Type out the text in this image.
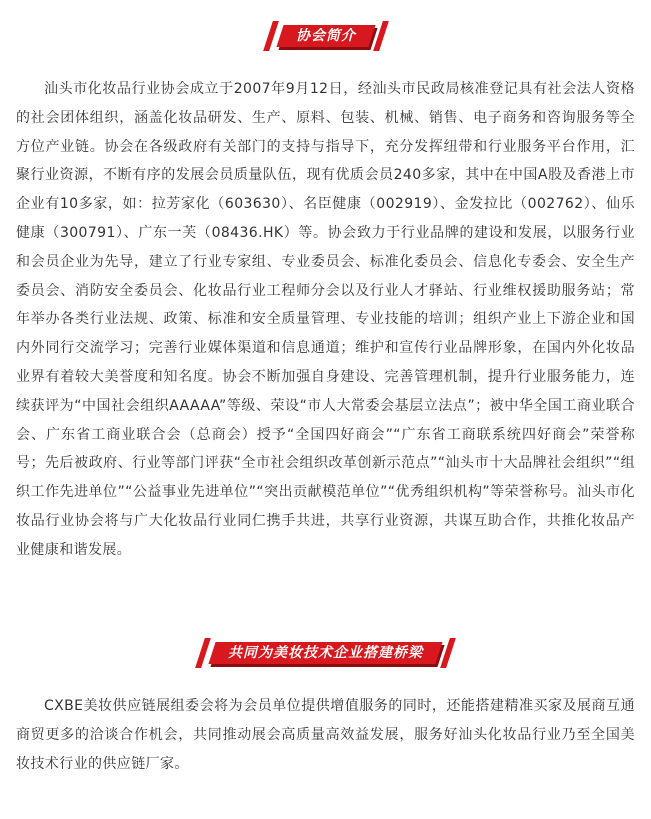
协会简介

汕头市化妆品行业协会成立于2007年9月12日，经汕头市民政局核准登记具有社会法人资格的社会团体组织，涵盖化妆品研发、生产、原料、包装、机械、销售、电子商务和咨询服务等全方位产业链。协会在各级政府有关部门的支持与指导下，充分发挥纽带和行业服务平台作用，汇聚行业资源，不断有序的发展会员质量队伍，现有优质会员240多家，其中在中国A股及香港上市企业有10多家，如：拉芳家化（603630）、名臣健康（002919）、金发拉比（002762）、仙乐健康（300791）、广东一芙（08436.HK）等。协会致力于行业品牌的建设和发展，以服务行业和会员企业为先导，建立了行业专家组、专业委员会、标准化委员会、信息化专委会、安全生产委员会、消防安全委员会、化妆品行业工程师分会以及行业人才驿站、行业维权援助服务站；常年举办各类行业法规、政策、标准和安全质量管理、专业技能的培训；组织产业上下游企业和国内外同行交流学习；完善行业媒体渠道和信息通道；维护和宣传行业品牌形象，在国内外化妆品业界有着较大美誉度和知名度。协会不断加强自身建设、完善管理机制，提升行业服务能力，连续获评为“中国社会组织AAAAA”等级、荣设“市人大常委会基层立法点”；被中华全国工商业联合会、广东省工商业联合会（总商会）授予“全国四好商会”“广东省工商联系统四好商会”荣誉称号；先后被政府、行业等部门评获“全市社会组织改革创新示范点”“汕头市十大品牌社会组织”“组织工作先进单位”“公益事业先进单位”“突出贡献模范单位”“优秀组织机构”等荣誉称号。汕头市化妆品行业协会将与广大化妆品行业同仁携手共进，共享行业资源，共谋互助合作，共推化妆品产业健康和谐发展。

共同为美妆技术企业搭建桥梁

CXBE美妆供应链展组委会将为会员单位提供增值服务的同时，还能搭建精准买家及展商互通商贸更多的洽谈合作机会，共同推动展会高质量高效益发展，服务好汕头化妆品行业乃至全国美妆技术行业的供应链厂家。
